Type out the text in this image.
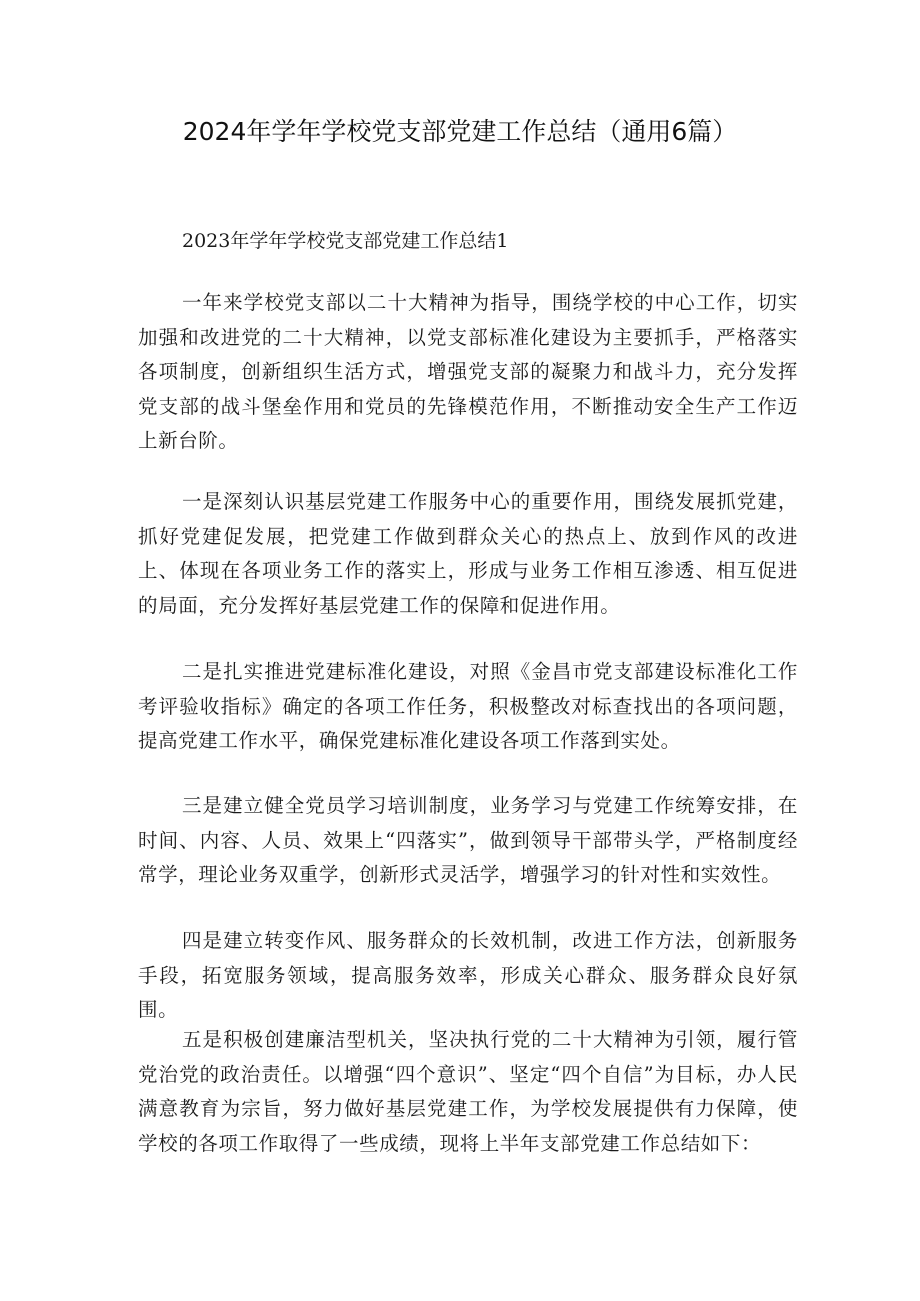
2024年学年学校党支部党建工作总结（通用6篇）

2023年学年学校党支部党建工作总结1

一年来学校党支部以二十大精神为指导，围绕学校的中心工作，切实加强和改进党的二十大精神，以党支部标准化建设为主要抓手，严格落实各项制度，创新组织生活方式，增强党支部的凝聚力和战斗力，充分发挥党支部的战斗堡垒作用和党员的先锋模范作用，不断推动安全生产工作迈上新台阶。

一是深刻认识基层党建工作服务中心的重要作用，围绕发展抓党建，抓好党建促发展，把党建工作做到群众关心的热点上、放到作风的改进上、体现在各项业务工作的落实上，形成与业务工作相互渗透、相互促进的局面，充分发挥好基层党建工作的保障和促进作用。

二是扎实推进党建标准化建设，对照《金昌市党支部建设标准化工作考评验收指标》确定的各项工作任务，积极整改对标查找出的各项问题，提高党建工作水平，确保党建标准化建设各项工作落到实处。

三是建立健全党员学习培训制度，业务学习与党建工作统筹安排，在时间、内容、人员、效果上“四落实”，做到领导干部带头学，严格制度经常学，理论业务双重学，创新形式灵活学，增强学习的针对性和实效性。

四是建立转变作风、服务群众的长效机制，改进工作方法，创新服务手段，拓宽服务领域，提高服务效率，形成关心群众、服务群众良好氛围。

五是积极创建廉洁型机关，坚决执行党的二十大精神为引领，履行管党治党的政治责任。以增强“四个意识”、坚定“四个自信”为目标，办人民满意教育为宗旨，努力做好基层党建工作，为学校发展提供有力保障，使学校的各项工作取得了一些成绩，现将上半年支部党建工作总结如下：
